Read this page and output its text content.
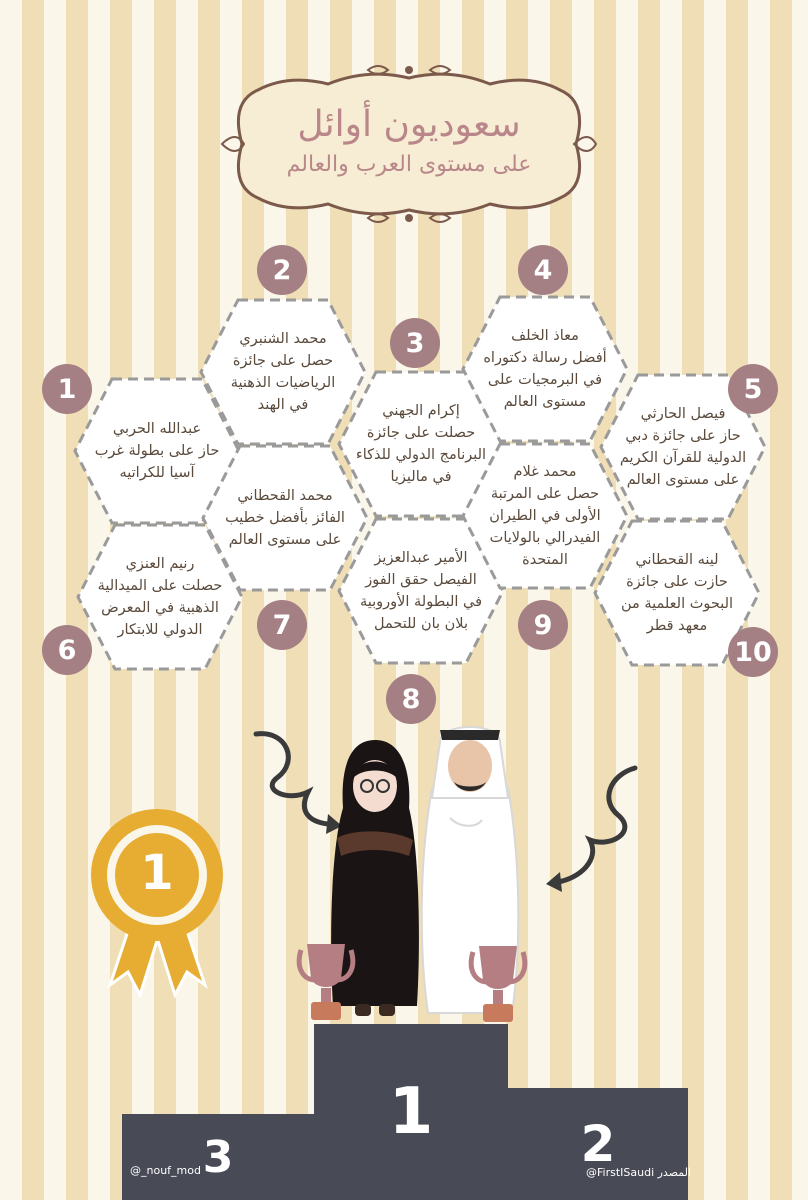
سعوديون أوائل
على مستوى العرب والعالم
عبدالله الحربي
حاز على بطولة غرب
آسيا للكراتيه
محمد الشنبري
حصل على جائزة
الرياضيات الذهنية
في الهند	إكرام الجهني
حصلت على جائزة
البرنامج الدولي للذكاء
في ماليزيا
معاذ الخلف
أفضل رسالة دكتوراه
في البرمجيات على
مستوى العالم
فيصل الحارثي
حاز على جائزة دبي
الدولية للقرآن الكريم
على مستوى العالم
رنيم العنزي
حصلت على الميدالية
الذهبية في المعرض
الدولي للابتكار
محمد القحطاني
الفائز بأفضل خطيب
على مستوى العالم
الأمير عبدالعزيز
الفيصل حقق الفوز
في البطولة الأوروبية
بلان بان للتحمل
محمد غلام
حصل على المرتبة
الأولى في الطيران
الفيدرالي بالولايات
المتحدة	لينه القحطاني
حازت على جائزة
البحوث العلمية من
معهد قطر
1
2
3
4
5
6
7
8
9
10
1
3	2
1
@_nouf_mod	@FirstISaudi المصدر
